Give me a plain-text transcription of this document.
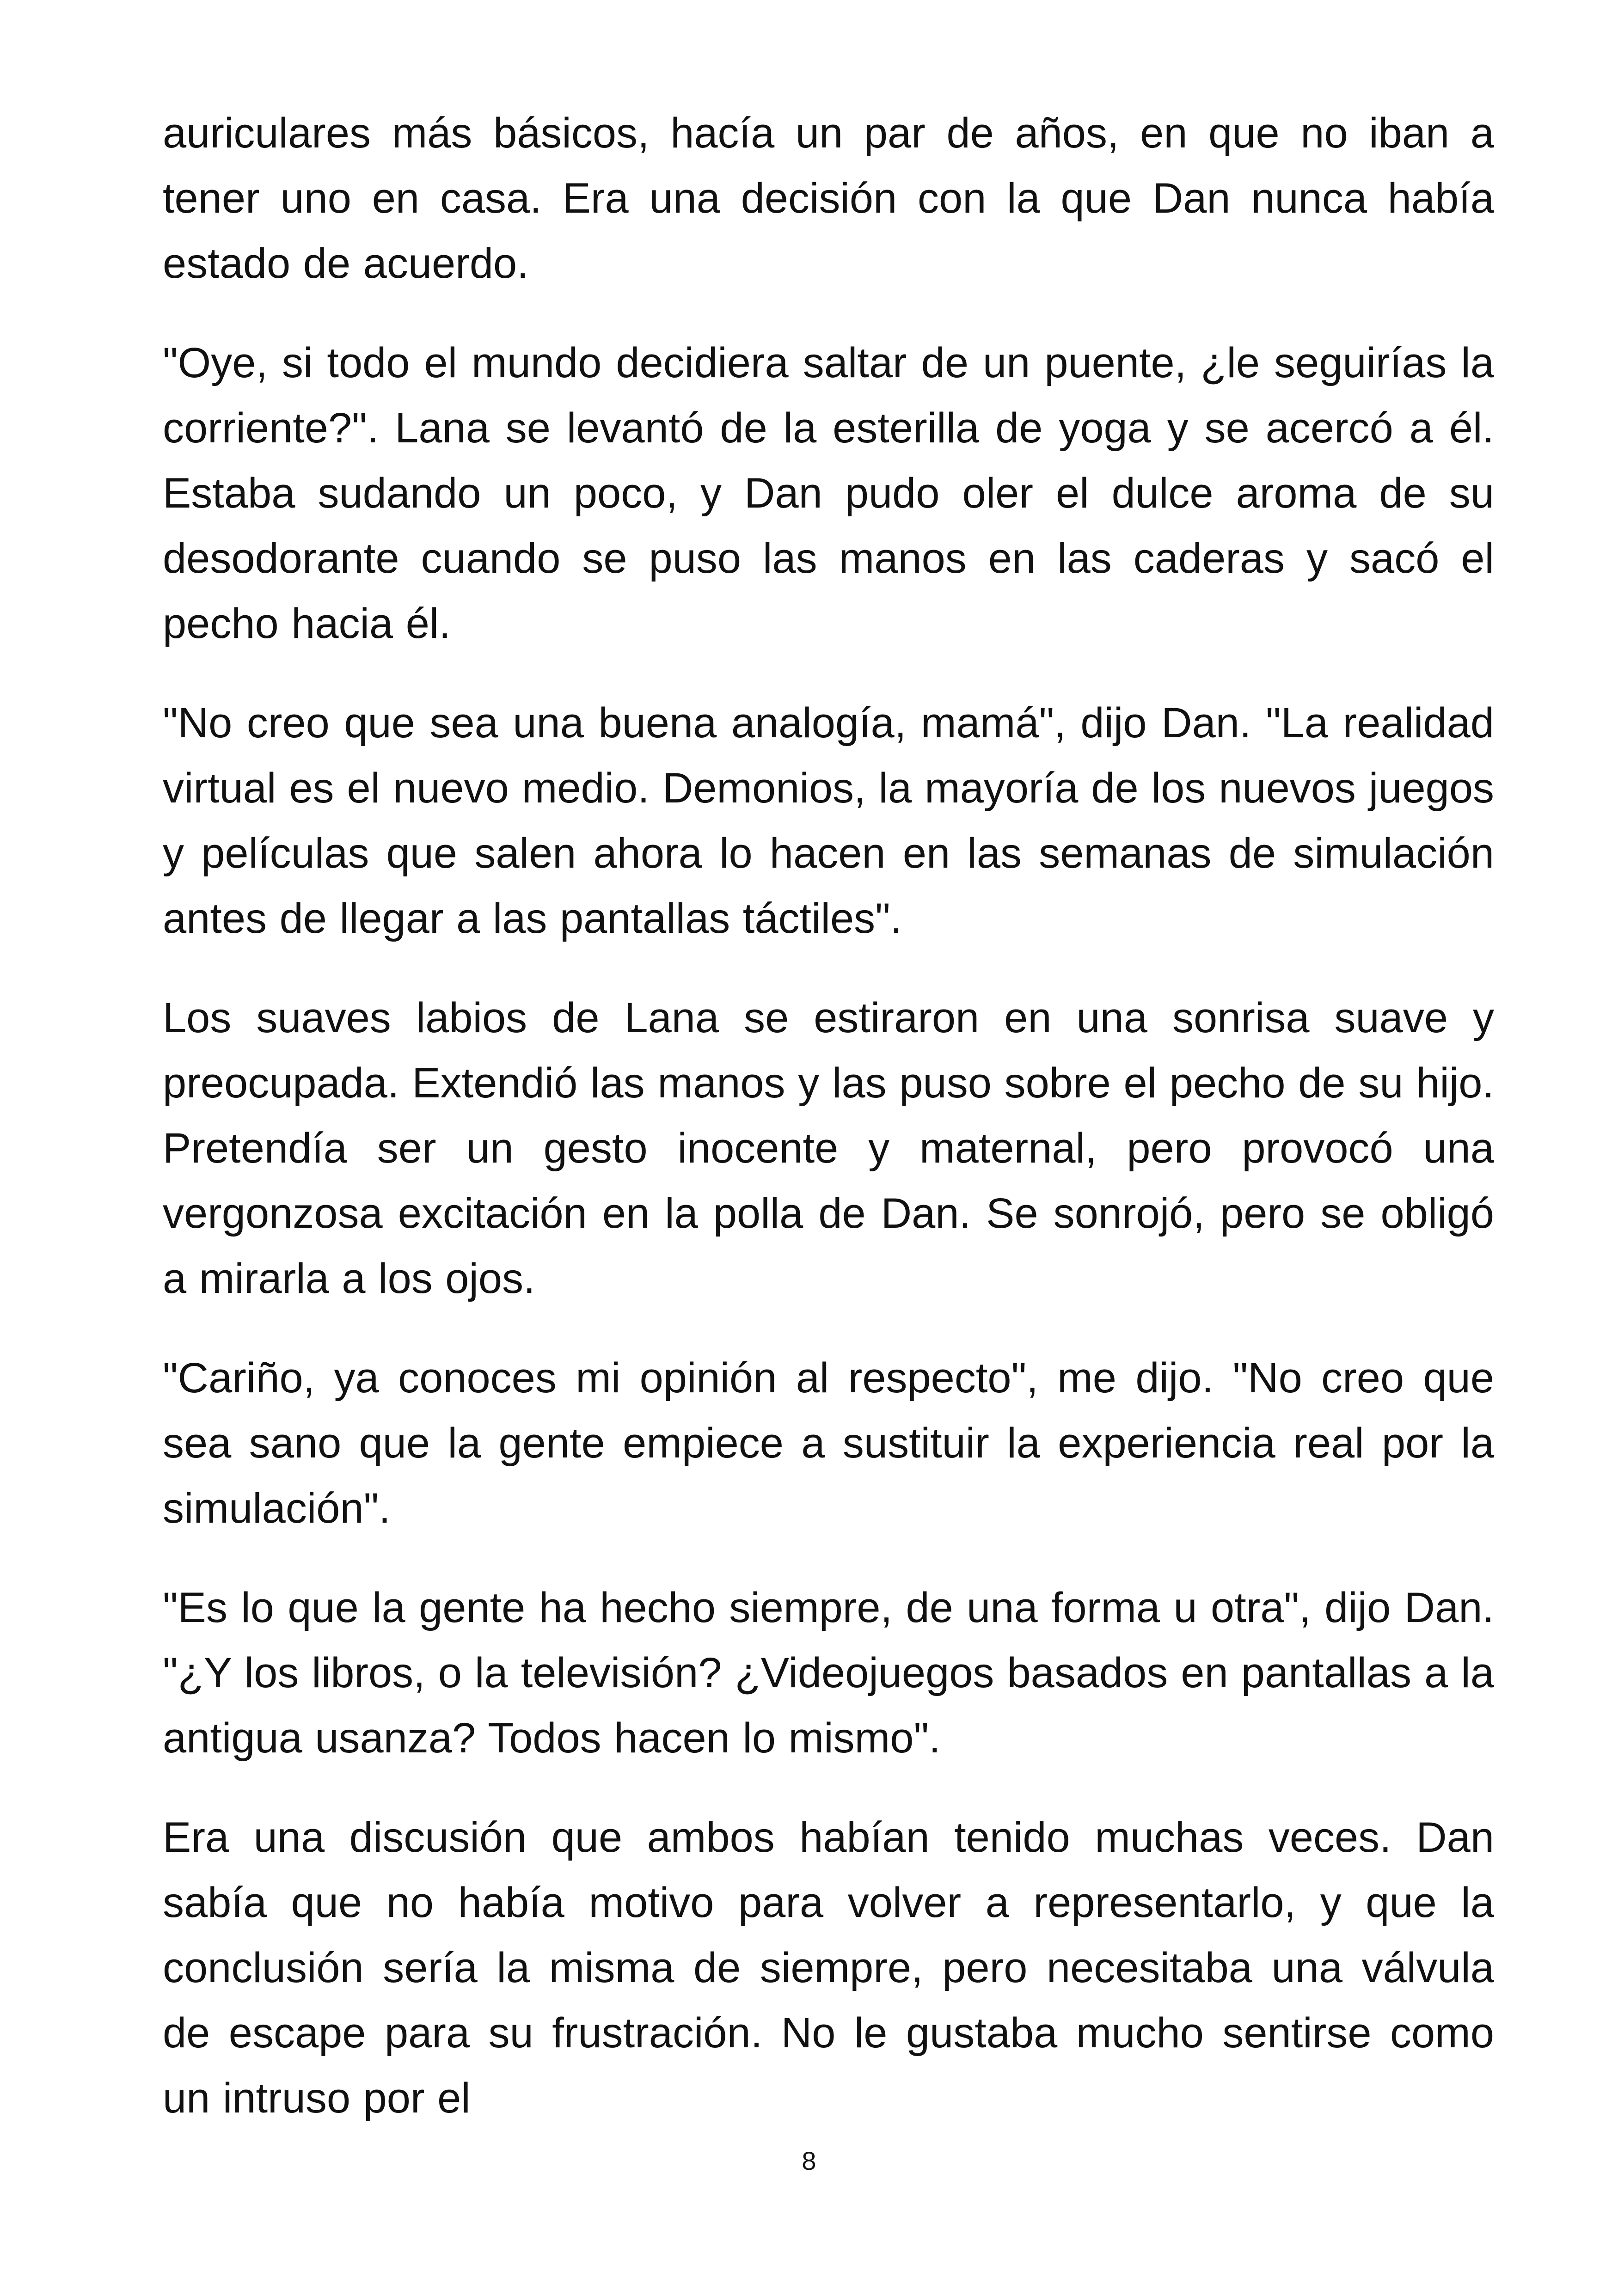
auriculares más básicos, hacía un par de años, en que no iban a tener uno en casa. Era una decisión con la que Dan nunca había estado de acuerdo.

"Oye, si todo el mundo decidiera saltar de un puente, ¿le seguirías la corriente?". Lana se levantó de la esterilla de yoga y se acercó a él. Estaba sudando un poco, y Dan pudo oler el dulce aroma de su desodorante cuando se puso las manos en las caderas y sacó el pecho hacia él.

"No creo que sea una buena analogía, mamá", dijo Dan. "La realidad virtual es el nuevo medio. Demonios, la mayoría de los nuevos juegos y películas que salen ahora lo hacen en las semanas de simulación antes de llegar a las pantallas táctiles".

Los suaves labios de Lana se estiraron en una sonrisa suave y preocupada. Extendió las manos y las puso sobre el pecho de su hijo. Pretendía ser un gesto inocente y maternal, pero provocó una vergonzosa excitación en la polla de Dan. Se sonrojó, pero se obligó a mirarla a los ojos.

"Cariño, ya conoces mi opinión al respecto", me dijo. "No creo que sea sano que la gente empiece a sustituir la experiencia real por la simulación".

"Es lo que la gente ha hecho siempre, de una forma u otra", dijo Dan. "¿Y los libros, o la televisión? ¿Videojuegos basados en pantallas a la antigua usanza? Todos hacen lo mismo".

Era una discusión que ambos habían tenido muchas veces. Dan sabía que no había motivo para volver a representarlo, y que la conclusión sería la misma de siempre, pero necesitaba una válvula de escape para su frustración. No le gustaba mucho sentirse como un intruso por el

8
